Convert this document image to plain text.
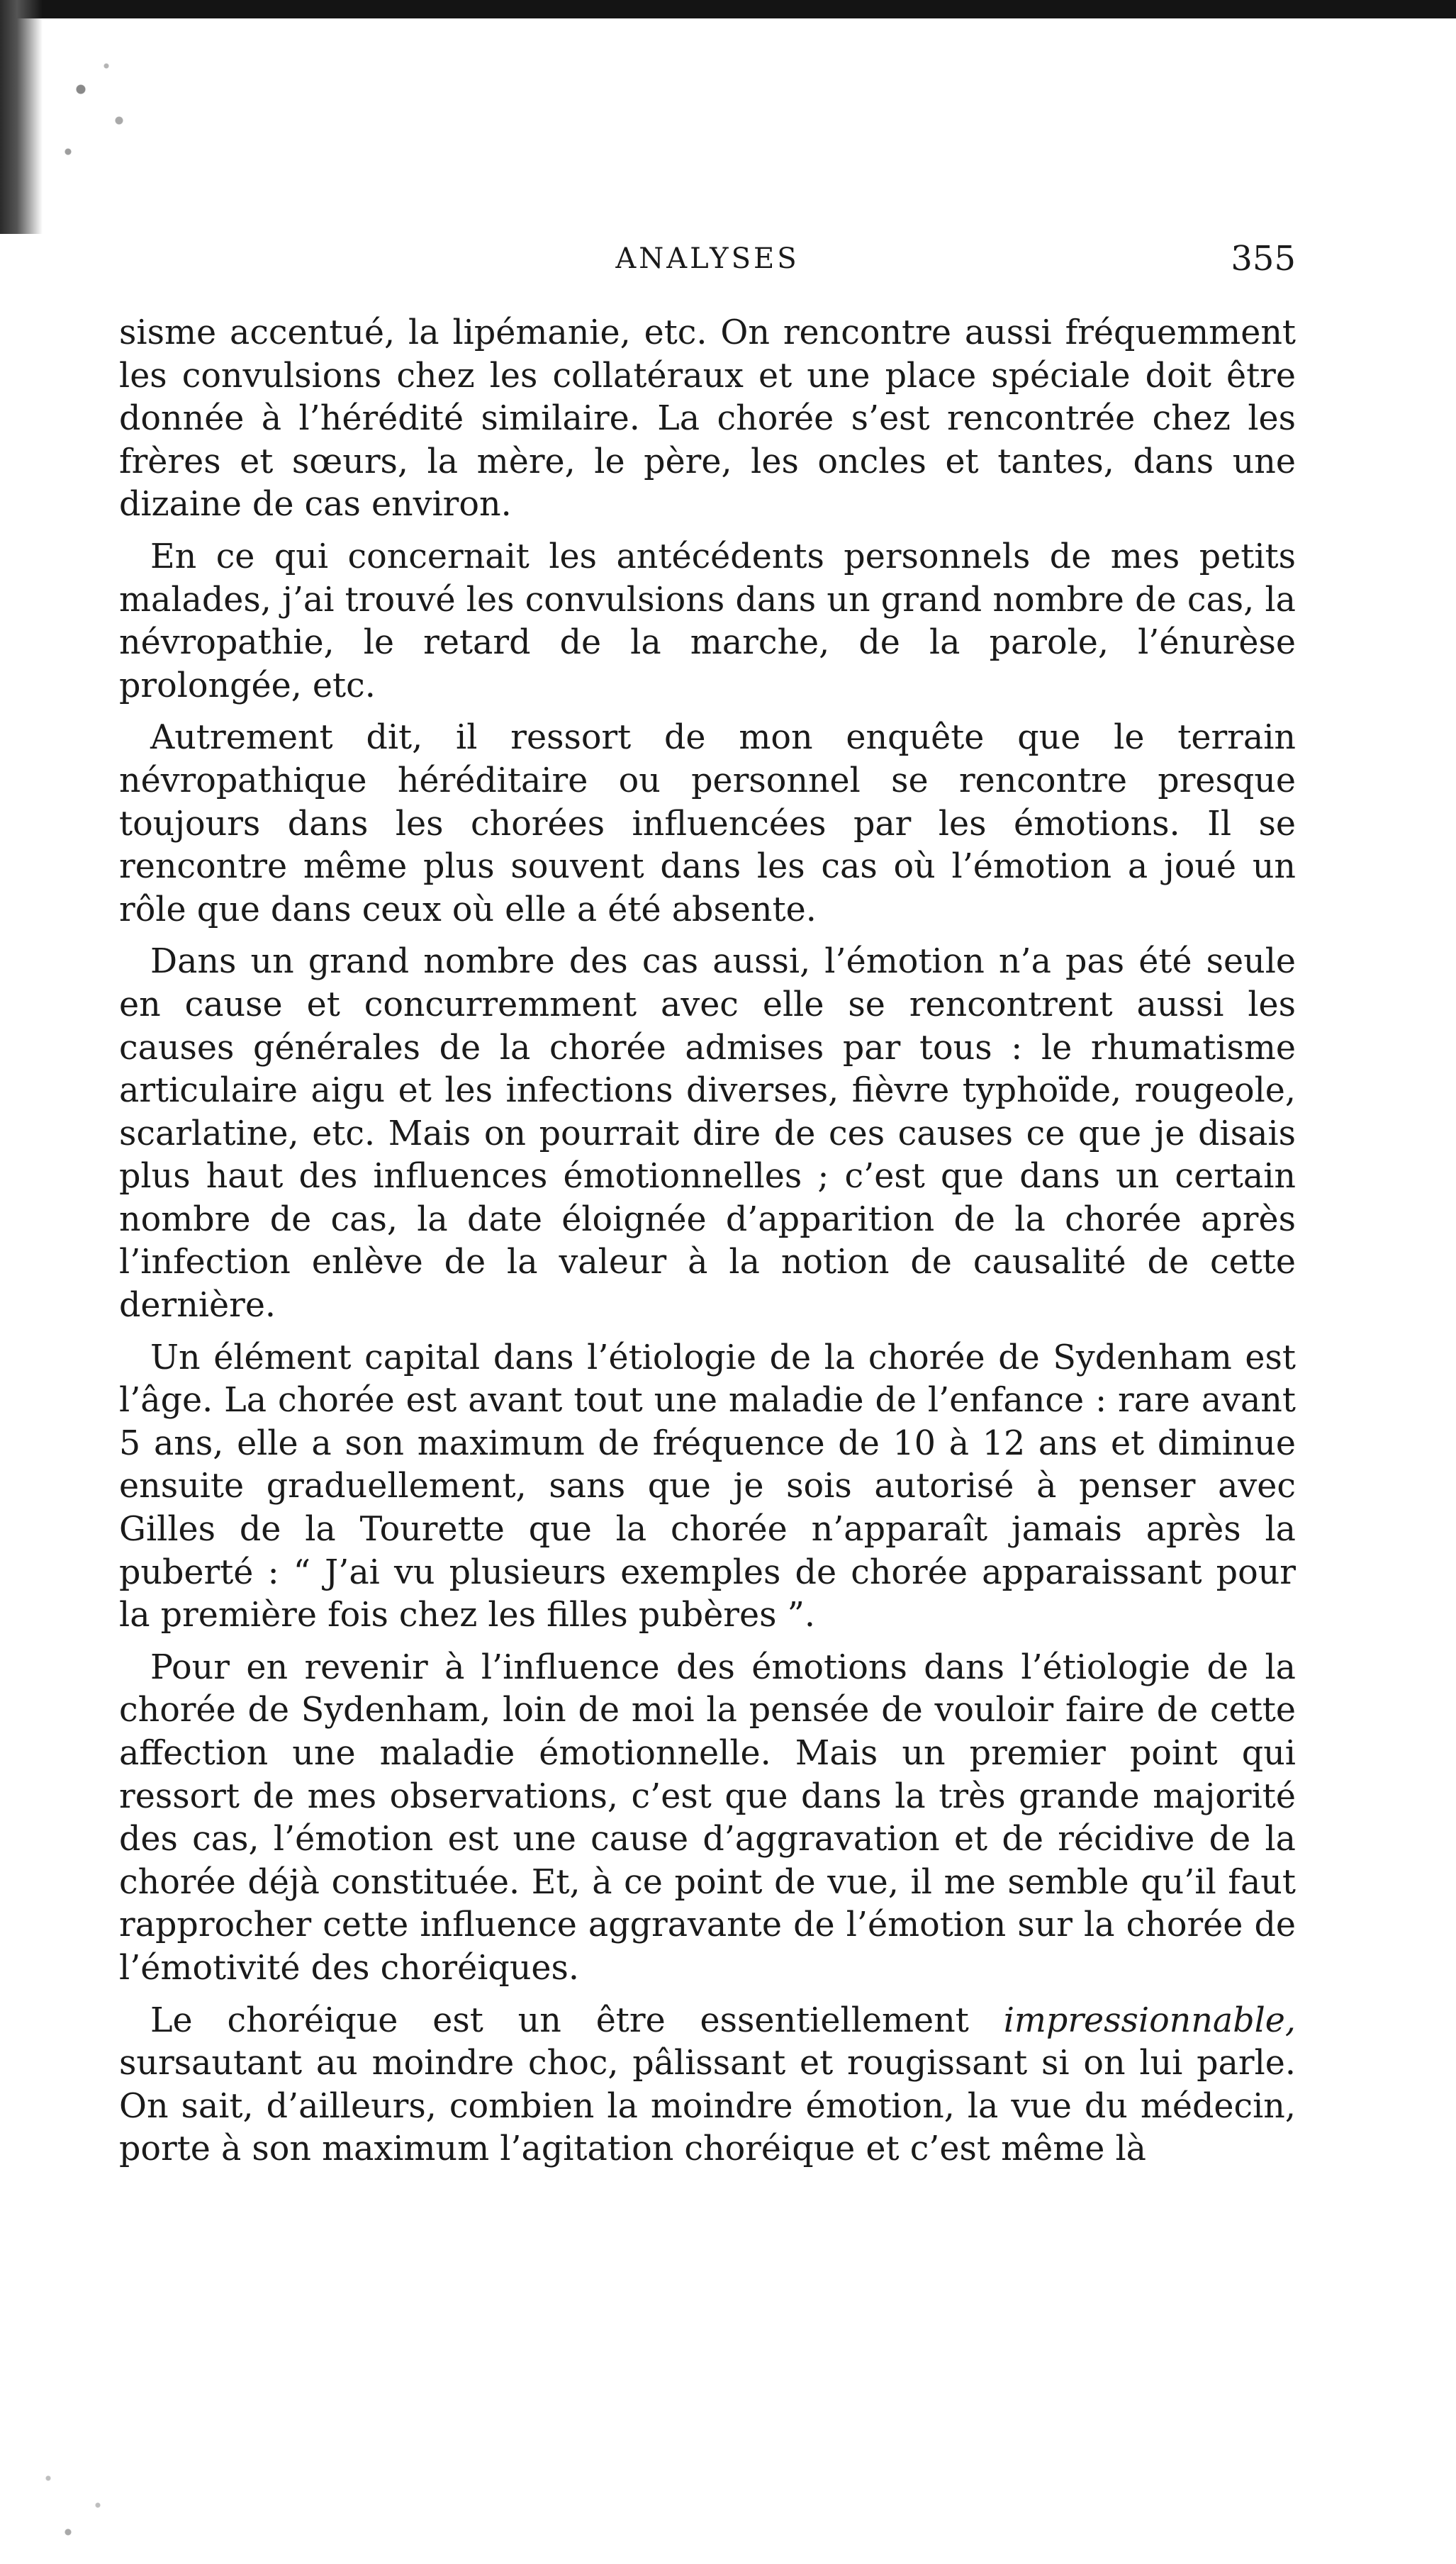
ANALYSES	355

sisme accentué, la lipémanie, etc. On rencontre aussi fréquemment les convulsions chez les collatéraux et une place spéciale doit être donnée à l’hérédité similaire. La chorée s’est rencontrée chez les frères et sœurs, la mère, le père, les oncles et tantes, dans une dizaine de cas environ.

En ce qui concernait les antécédents personnels de mes petits malades, j’ai trouvé les convulsions dans un grand nombre de cas, la névropathie, le retard de la marche, de la parole, l’énurèse prolongée, etc.

Autrement dit, il ressort de mon enquête que le terrain névropathique héréditaire ou personnel se rencontre presque toujours dans les chorées influencées par les émotions. Il se rencontre même plus souvent dans les cas où l’émotion a joué un rôle que dans ceux où elle a été absente.

Dans un grand nombre des cas aussi, l’émotion n’a pas été seule en cause et concurremment avec elle se rencontrent aussi les causes générales de la chorée admises par tous : le rhumatisme articulaire aigu et les infections diverses, fièvre typhoïde, rougeole, scarlatine, etc. Mais on pourrait dire de ces causes ce que je disais plus haut des influences émotionnelles ; c’est que dans un certain nombre de cas, la date éloignée d’apparition de la chorée après l’infection enlève de la valeur à la notion de causalité de cette dernière.

Un élément capital dans l’étiologie de la chorée de Sydenham est l’âge. La chorée est avant tout une maladie de l’enfance : rare avant 5 ans, elle a son maximum de fréquence de 10 à 12 ans et diminue ensuite graduellement, sans que je sois autorisé à penser avec Gilles de la Tourette que la chorée n’apparaît jamais après la puberté : “ J’ai vu plusieurs exemples de chorée apparaissant pour la première fois chez les filles pubères ”.

Pour en revenir à l’influence des émotions dans l’étiologie de la chorée de Sydenham, loin de moi la pensée de vouloir faire de cette affection une maladie émotionnelle. Mais un premier point qui ressort de mes observations, c’est que dans la très grande majorité des cas, l’émotion est une cause d’aggravation et de récidive de la chorée déjà constituée. Et, à ce point de vue, il me semble qu’il faut rapprocher cette influence aggravante de l’émotion sur la chorée de l’émotivité des choréiques.

Le choréique est un être essentiellement impressionnable, sursautant au moindre choc, pâlissant et rougissant si on lui parle. On sait, d’ailleurs, combien la moindre émotion, la vue du médecin, porte à son maximum l’agitation choréique et c’est même là
